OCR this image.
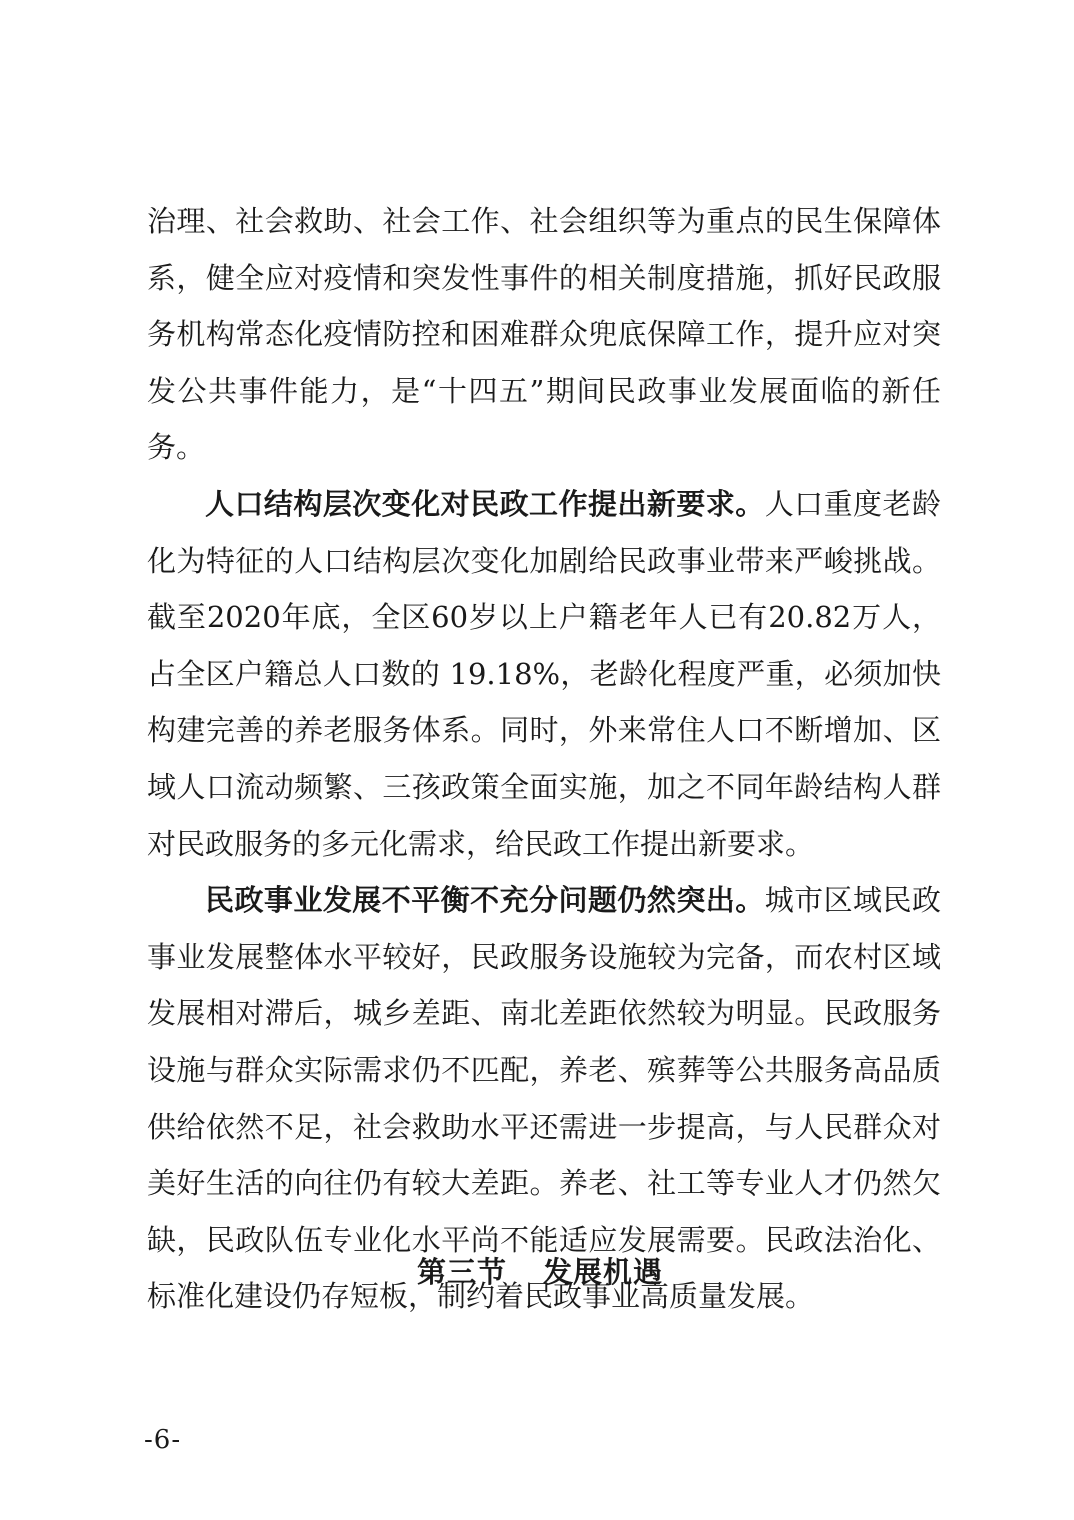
治理、社会救助、社会工作、社会组织等为重点的民生保障体系，健全应对疫情和突发性事件的相关制度措施，抓好民政服务机构常态化疫情防控和困难群众兜底保障工作，提升应对突发公共事件能力，是“十四五”期间民政事业发展面临的新任务。

人口结构层次变化对民政工作提出新要求。人口重度老龄化为特征的人口结构层次变化加剧给民政事业带来严峻挑战。截至2020年底，全区60岁以上户籍老年人已有20.82万人，占全区户籍总人口数的 19.18%，老龄化程度严重，必须加快构建完善的养老服务体系。同时，外来常住人口不断增加、区域人口流动频繁、三孩政策全面实施，加之不同年龄结构人群对民政服务的多元化需求，给民政工作提出新要求。

民政事业发展不平衡不充分问题仍然突出。城市区域民政事业发展整体水平较好，民政服务设施较为完备，而农村区域发展相对滞后，城乡差距、南北差距依然较为明显。民政服务设施与群众实际需求仍不匹配，养老、殡葬等公共服务高品质供给依然不足，社会救助水平还需进一步提高，与人民群众对美好生活的向往仍有较大差距。养老、社工等专业人才仍然欠缺，民政队伍专业化水平尚不能适应发展需要。民政法治化、标准化建设仍存短板，制约着民政事业高质量发展。

第三节 发展机遇
-6-
